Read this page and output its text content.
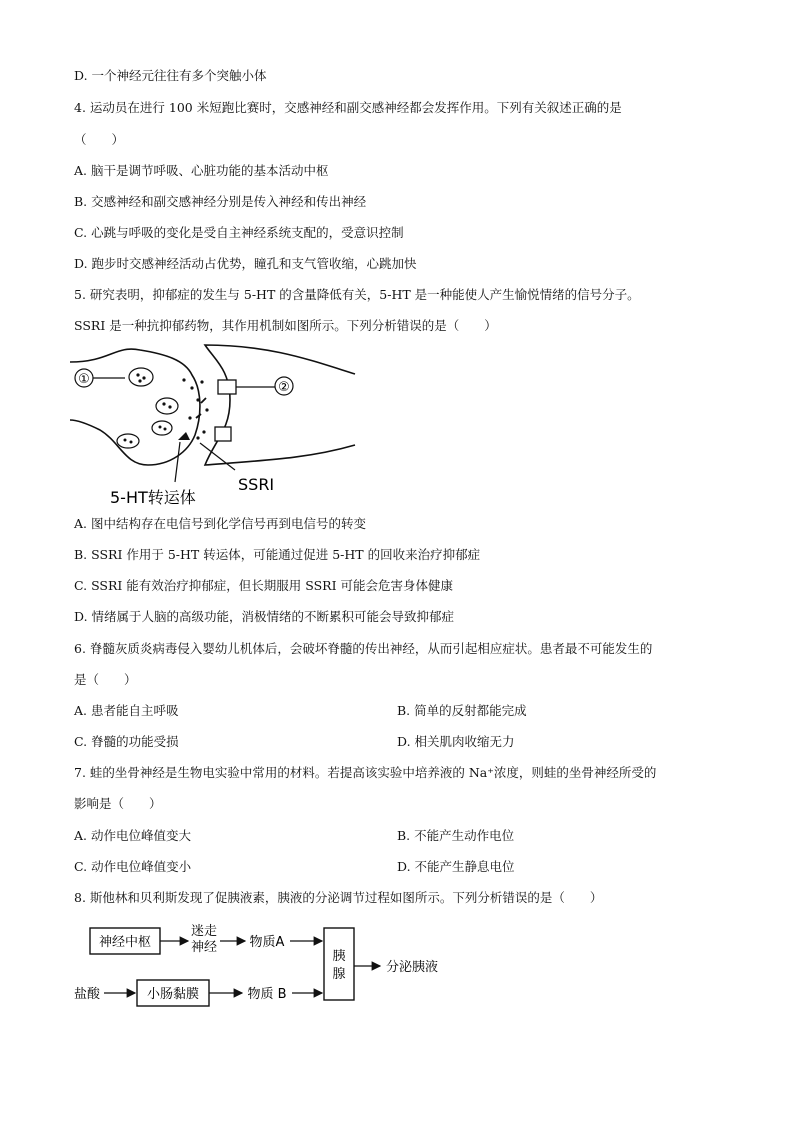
D. 一个神经元往往有多个突触小体
4. 运动员在进行 100 米短跑比赛时，交感神经和副交感神经都会发挥作用。下列有关叙述正确的是
（　　）
A. 脑干是调节呼吸、心脏功能的基本活动中枢
B. 交感神经和副交感神经分别是传入神经和传出神经
C. 心跳与呼吸的变化是受自主神经系统支配的，受意识控制
D. 跑步时交感神经活动占优势，瞳孔和支气管收缩，心跳加快
5. 研究表明，抑郁症的发生与 5-HT 的含量降低有关，5-HT 是一种能使人产生愉悦情绪的信号分子。
SSRI 是一种抗抑郁药物，其作用机制如图所示。下列分析错误的是（　　）
①
②
5-HT转运体
SSRI
A. 图中结构存在电信号到化学信号再到电信号的转变
B. SSRI 作用于 5-HT 转运体，可能通过促进 5-HT 的回收来治疗抑郁症
C. SSRI 能有效治疗抑郁症，但长期服用 SSRI 可能会危害身体健康
D. 情绪属于人脑的高级功能，消极情绪的不断累积可能会导致抑郁症
6. 脊髓灰质炎病毒侵入婴幼儿机体后，会破坏脊髓的传出神经，从而引起相应症状。患者最不可能发生的
是（　　）
A. 患者能自主呼吸	B. 简单的反射都能完成
C. 脊髓的功能受损	D. 相关肌肉收缩无力
7. 蛙的坐骨神经是生物电实验中常用的材料。若提高该实验中培养液的 Na⁺浓度，则蛙的坐骨神经所受的
影响是（　　）
A. 动作电位峰值变大	B. 不能产生动作电位
C. 动作电位峰值变小	D. 不能产生静息电位
8. 斯他林和贝利斯发现了促胰液素，胰液的分泌调节过程如图所示。下列分析错误的是（　　）
神经中枢
迷走
神经	物质A
胰
腺	分泌胰液
盐酸	小肠黏膜	物质 B
